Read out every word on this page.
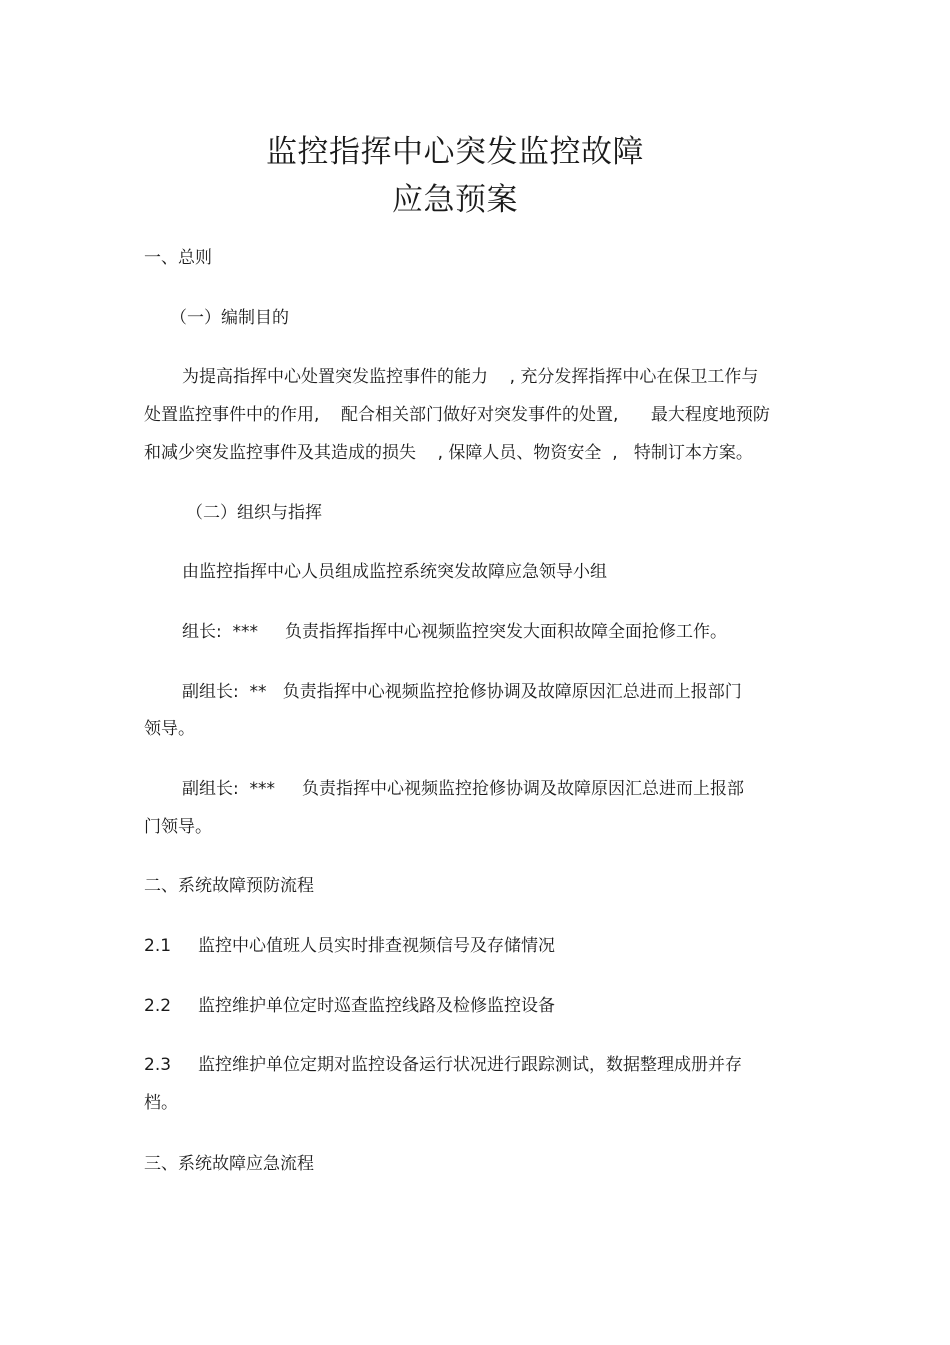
监控指挥中心突发监控故障
应急预案
一、总则
（一）编制目的
为提高指挥中心处置突发监控事件的能力    , 充分发挥指挥中心在保卫工作与
处置监控事件中的作用,    配合相关部门做好对突发事件的处置,      最大程度地预防
和减少突发监控事件及其造成的损失    , 保障人员、物资安全  ,   特制订本方案。
（二）组织与指挥
由监控指挥中心人员组成监控系统突发故障应急领导小组
组长:  ***     负责指挥指挥中心视频监控突发大面积故障全面抢修工作。
副组长:  **   负责指挥中心视频监控抢修协调及故障原因汇总进而上报部门
领导。
副组长:  ***     负责指挥中心视频监控抢修协调及故障原因汇总进而上报部
门领导。
二、系统故障预防流程
2.1     监控中心值班人员实时排查视频信号及存储情况
2.2     监控维护单位定时巡查监控线路及检修监控设备
2.3     监控维护单位定期对监控设备运行状况进行跟踪测试，数据整理成册并存
档。
三、系统故障应急流程
